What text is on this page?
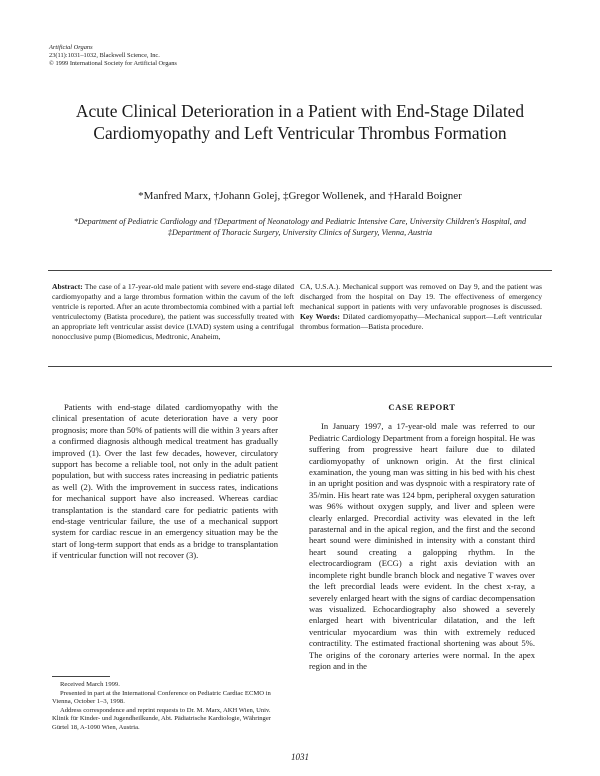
Artificial Organs
23(11):1031–1032, Blackwell Science, Inc.
© 1999 International Society for Artificial Organs
Acute Clinical Deterioration in a Patient with End-Stage Dilated Cardiomyopathy and Left Ventricular Thrombus Formation
*Manfred Marx, †Johann Golej, ‡Gregor Wollenek, and †Harald Boigner
*Department of Pediatric Cardiology and †Department of Neonatology and Pediatric Intensive Care, University Children's Hospital, and ‡Department of Thoracic Surgery, University Clinics of Surgery, Vienna, Austria
Abstract: The case of a 17-year-old male patient with severe end-stage dilated cardiomyopathy and a large thrombus formation within the cavum of the left ventricle is reported. After an acute thrombectomia combined with a partial left ventriculectomy (Batista procedure), the patient was successfully treated with an appropriate left ventricular assist device (LVAD) system using a centrifugal nonocclusive pump (Biomedicus, Medtronic, Anaheim,
CA, U.S.A.). Mechanical support was removed on Day 9, and the patient was discharged from the hospital on Day 19. The effectiveness of emergency mechanical support in patients with very unfavorable prognoses is discussed. Key Words: Dilated cardiomyopathy—Mechanical support—Left ventricular thrombus formation—Batista procedure.

Patients with end-stage dilated cardiomyopathy with the clinical presentation of acute deterioration have a very poor prognosis; more than 50% of patients will die within 3 years after a confirmed diagnosis although medical treatment has gradually improved (1). Over the last few decades, however, circulatory support has become a reliable tool, not only in the adult patient population, but with success rates increasing in pediatric patients as well (2). With the improvement in success rates, indications for mechanical support have also increased. Whereas cardiac transplantation is the standard care for pediatric patients with end-stage ventricular failure, the use of a mechanical support system for cardiac rescue in an emergency situation may be the start of long-term support that ends as a bridge to transplantation if ventricular function will not recover (3).

CASE REPORT

In January 1997, a 17-year-old male was referred to our Pediatric Cardiology Department from a foreign hospital. He was suffering from progressive heart failure due to dilated cardiomyopathy of unknown origin. At the first clinical examination, the young man was sitting in his bed with his chest in an upright position and was dyspnoic with a respiratory rate of 35/min. His heart rate was 124 bpm, peripheral oxygen saturation was 96% without oxygen supply, and liver and spleen were clearly enlarged. Precordial activity was elevated in the left parasternal and in the apical region, and the first and the second heart sound were diminished in intensity with a constant third heart sound creating a galopping rhythm. In the electrocardiogram (ECG) a right axis deviation with an incomplete right bundle branch block and negative T waves over the left precordial leads were evident. In the chest x-ray, a severely enlarged heart with the signs of cardiac decompensation was visualized. Echocardiography also showed a severely enlarged heart with biventricular dilatation, and the left ventricular myocardium was thin with extremely reduced contractility. The estimated fractional shortening was about 5%. The origins of the coronary arteries were normal. In the apex region and in the

Received March 1999.

Presented in part at the International Conference on Pediatric Cardiac ECMO in Vienna, October 1–3, 1998.

Address correspondence and reprint requests to Dr. M. Marx, AKH Wien, Univ. Klinik für Kinder- und Jugendheilkunde, Abt. Pädiatrische Kardiologie, Währinger Gürtel 18, A-1090 Wien, Austria.

1031
